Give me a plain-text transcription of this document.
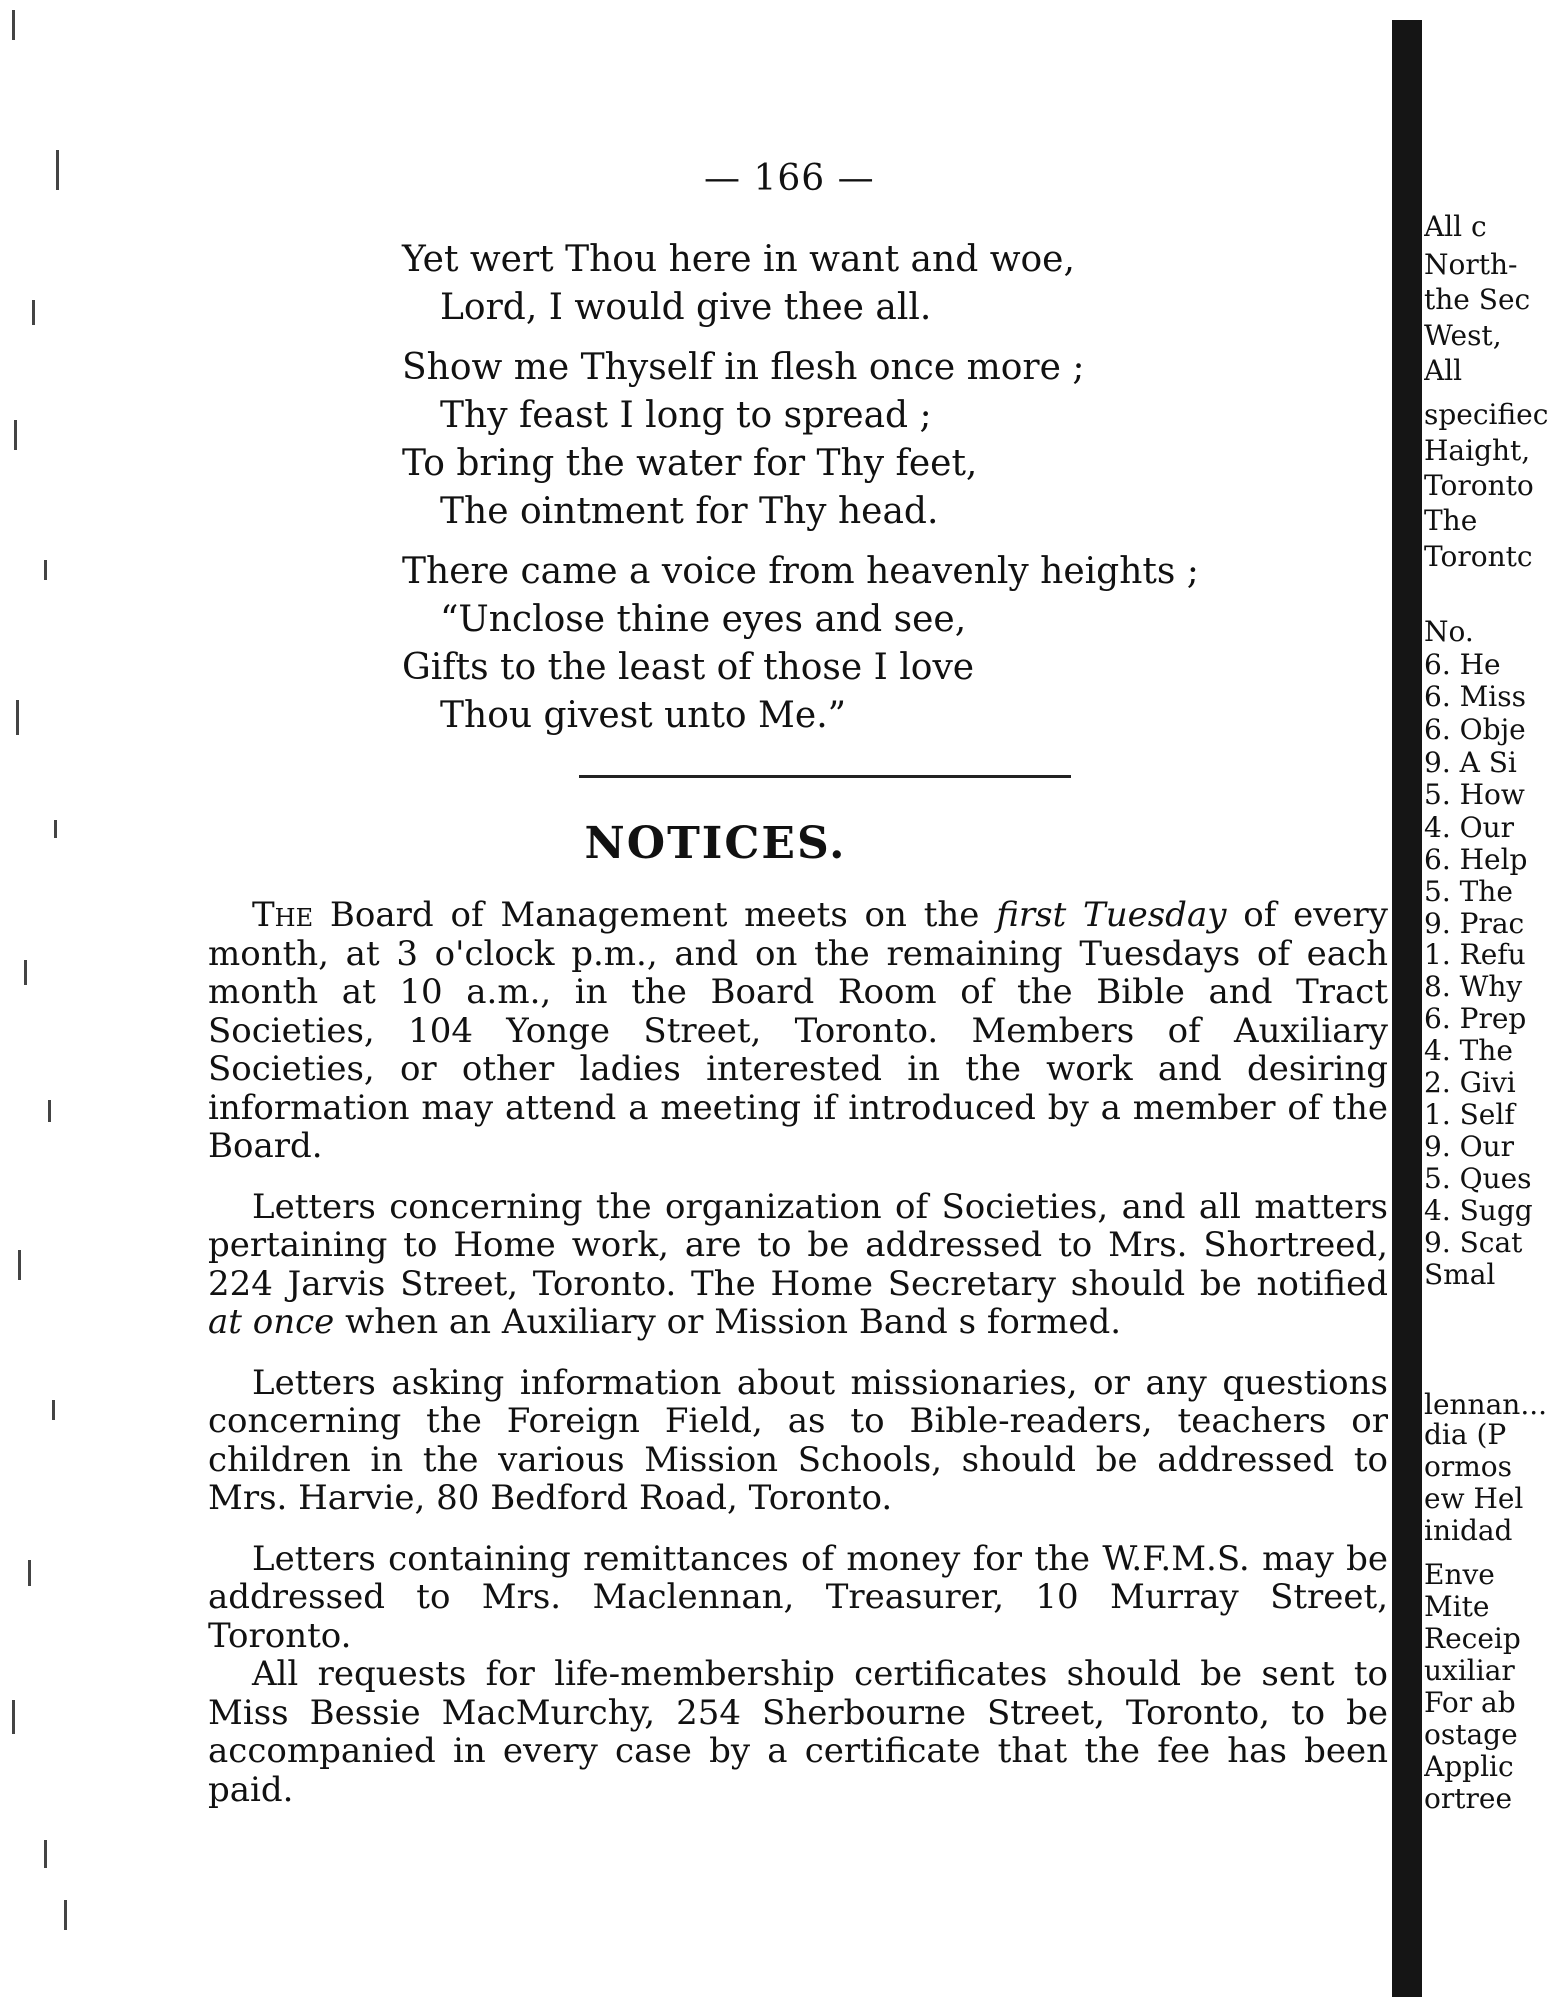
— 166 —
Yet wert Thou here in want and woe,
Lord, I would give thee all.
Show me Thyself in flesh once more ;
Thy feast I long to spread ;
To bring the water for Thy feet,
The ointment for Thy head.
There came a voice from heavenly heights ;
“Unclose thine eyes and see,
Gifts to the least of those I love
Thou givest unto Me.”
NOTICES.

The Board of Management meets on the first Tuesday of every month, at 3 o'clock p.m., and on the remaining Tuesdays of each month at 10 a.m., in the Board Room of the Bible and Tract Societies, 104 Yonge Street, Toronto. Members of Auxiliary Societies, or other ladies interested in the work and desiring information may attend a meeting if introduced by a member of the Board.

Letters concerning the organization of Societies, and all matters pertaining to Home work, are to be addressed to Mrs. Shortreed, 224 Jarvis Street, Toronto. The Home Secretary should be notified at once when an Auxiliary or Mission Band s formed.

Letters asking information about missionaries, or any questions concerning the Foreign Field, as to Bible-readers, teachers or children in the various Mission Schools, should be addressed to Mrs. Harvie, 80 Bedford Road, Toronto.

Letters containing remittances of money for the W.F.M.S. may be addressed to Mrs. Maclennan, Treasurer, 10 Murray Street, Toronto.

All requests for life-membership certificates should be sent to Miss Bessie MacMurchy, 254 Sherbourne Street, Toronto, to be accompanied in every case by a certificate that the fee has been paid.

All c
North-
the Sec
West,
All
specifiec
Haight,
Toronto
The
Torontc
No.
6. He
6. Miss
6. Obje
9. A Si
5. How
4. Our
6. Help
5. The
9. Prac
1. Refu
8. Why
6. Prep
4. The
2. Givi
1. Self
9. Our
5. Ques
4. Sugg
9. Scat
Smal
lennan...
dia (P
ormos
ew Hel
inidad
Enve
Mite
Receip
uxiliar
For ab
ostage
Applic
ortree
